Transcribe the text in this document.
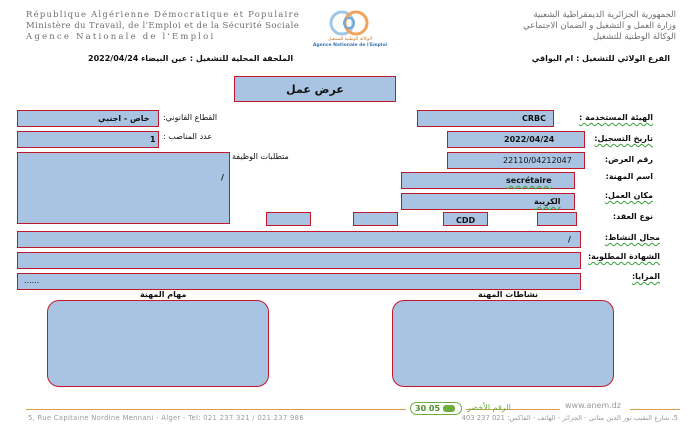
République Algérienne Démocratique et Populaire
Ministère du Travail, de l'Emploi et de la Sécurité Sociale
Agence Nationale de l'Emploi	الوكالة الوطنية للتشغيل
Agence Nationale de l'Emploi
الجمهورية الجزائرية الديمقراطية الشعبية
وزارة العمل و التشغيل و الضمان الاجتماعي
الوكالة الوطنية للتشغيل
الفرع الولائي للتشغيل : ام البواقي
الملحقة المحلية للتشغيل : عين البيضاء 2022/04/24
عرض عمل
الهيئة المستخدمة :
CRBC
تاريخ التسجيل:
2022/04/24
رقم العرض:
22110/04212047
اسم المهنة:
secrétaire
مكان العمل:
الكريبة
نوع العقد:
CDD
القطاع القانوني:
خاص - اجنبي
عدد المناصب :
1
متطلبات الوظيفة
/
مجال النشاط:
/
الشهادة المطلوبة:
المزايا:
......
مهام المهنة	نشاطات المهنة
30 05	الرقم الأخضر	www.anem.dz
5, Rue Capitaine Nordine Mennani - Alger - Tel: 021 237 321 / 021 237 986	5، شارع النقيب نور الدين مناني - الجزائر - الهاتف - الفاكس: 021 237 403
